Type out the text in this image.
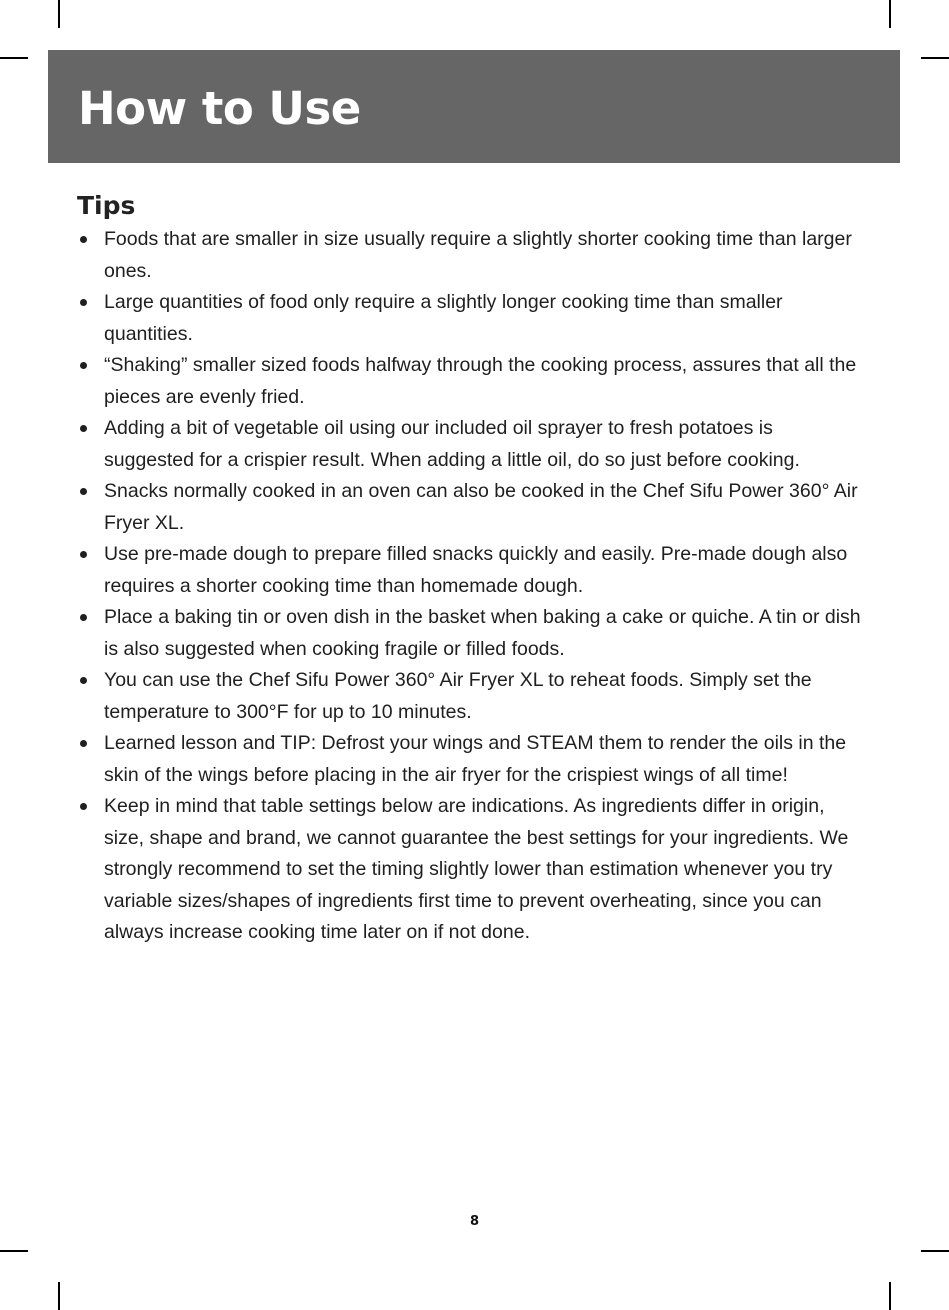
How to Use
Tips
Foods that are smaller in size usually require a slightly shorter cooking time than larger ones.
Large quantities of food only require a slightly longer cooking time than smaller quantities.
“Shaking” smaller sized foods halfway through the cooking process, assures that all the pieces are evenly fried.
Adding a bit of vegetable oil using our included oil sprayer to fresh potatoes is suggested for a crispier result. When adding a little oil, do so just before cooking.
Snacks normally cooked in an oven can also be cooked in the Chef Sifu Power 360° Air Fryer XL.
Use pre-made dough to prepare filled snacks quickly and easily. Pre-made dough also requires a shorter cooking time than homemade dough.
Place a baking tin or oven dish in the basket when baking a cake or quiche. A tin or dish is also suggested when cooking fragile or filled foods.
You can use the Chef Sifu Power 360° Air Fryer XL to reheat foods. Simply set the temperature to 300°F for up to 10 minutes.
Learned lesson and TIP: Defrost your wings and STEAM them to render the oils in the skin of the wings before placing in the air fryer for the crispiest wings of all time!
Keep in mind that table settings below are indications. As ingredients differ in origin, size, shape and brand, we cannot guarantee the best settings for your ingredients. We strongly recommend to set the timing slightly lower than estimation whenever you try variable sizes/shapes of ingredients first time to prevent overheating, since you can always increase cooking time later on if not done.
8
